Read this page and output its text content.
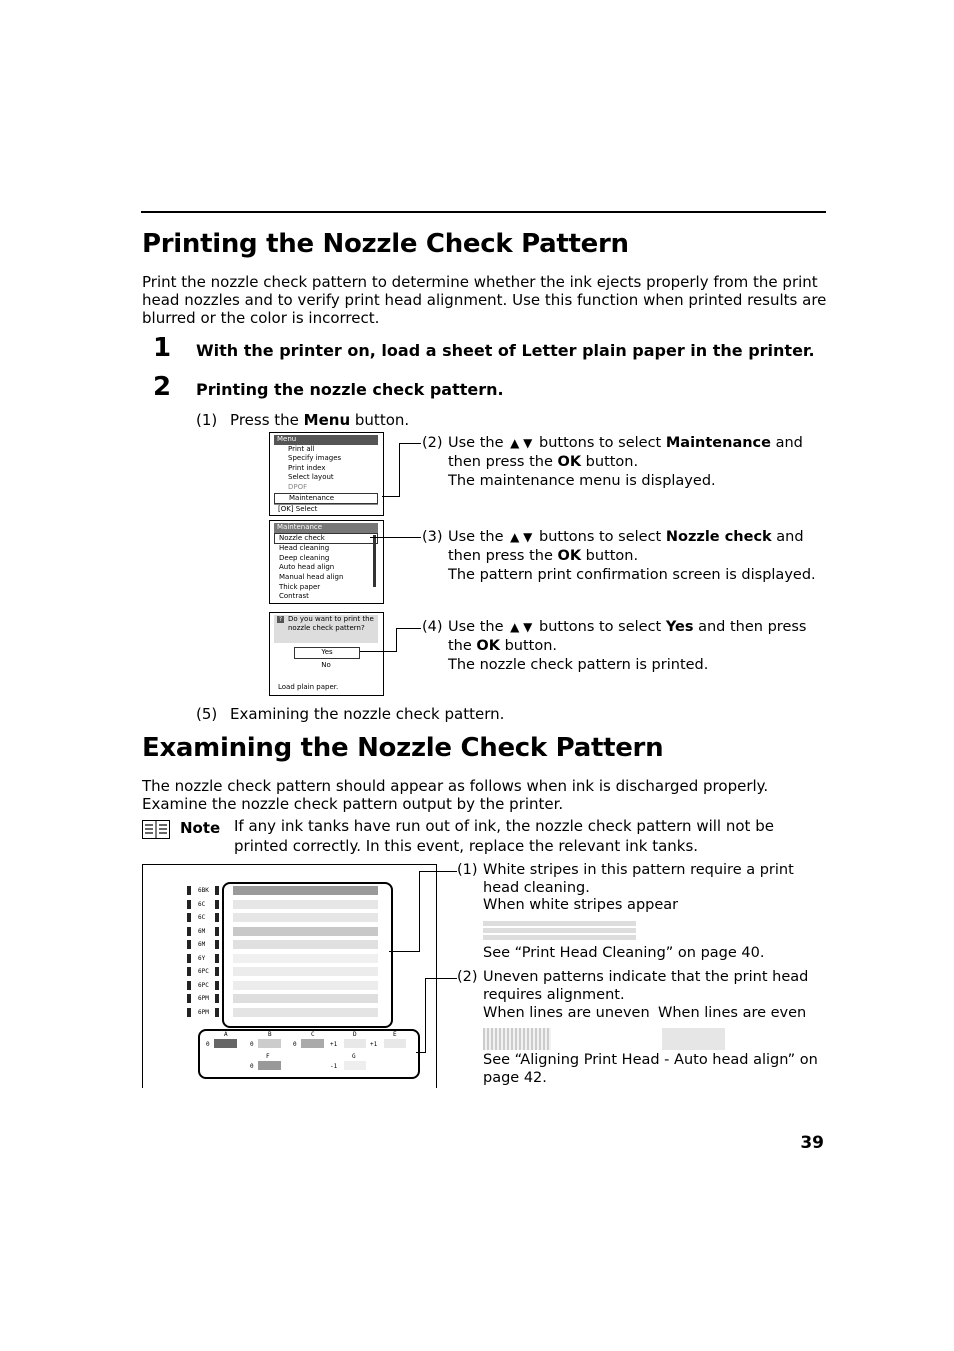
Printing the Nozzle Check Pattern
Print the nozzle check pattern to determine whether the ink ejects properly from the print head nozzles and to verify print head alignment. Use this function when printed results are blurred or the color is incorrect.
1 With the printer on, load a sheet of Letter plain paper in the printer.
2 Printing the nozzle check pattern.
(1) Press the Menu button.
Menu
Print all
Specify images
Print index
Select layout
DPOF
Maintenance
[OK] Select
Maintenance
Nozzle check
Head cleaning
Deep cleaning
Auto head align
Manual head align
Thick paper
Contrast
? Do you want to print the nozzle check pattern?
Yes
No
Load plain paper.
(2) Use the ▲ ▼ buttons to select Maintenance and then press the OK button.
The maintenance menu is displayed.
(3) Use the ▲ ▼ buttons to select Nozzle check and then press the OK button.
The pattern print confirmation screen is displayed.
(4) Use the ▲ ▼ buttons to select Yes and then press the OK button.
The nozzle check pattern is printed.
(5) Examining the nozzle check pattern.
Examining the Nozzle Check Pattern
The nozzle check pattern should appear as follows when ink is discharged properly.
Examine the nozzle check pattern output by the printer.
Note If any ink tanks have run out of ink, the nozzle check pattern will not be printed correctly. In this event, replace the relevant ink tanks.
6BK
6C
6C
6M
6M
6Y
6PC
6PC
6PM
6PM
A	B	C	D	E
0	0	0	+1	+1
F	G
0	-1
(1) White stripes in this pattern require a print head cleaning.
When white stripes appear
See “Print Head Cleaning” on page 40.
(2) Uneven patterns indicate that the print head requires alignment.
When lines are uneven When lines are even
See “Aligning Print Head - Auto head align” on page 42.
39
